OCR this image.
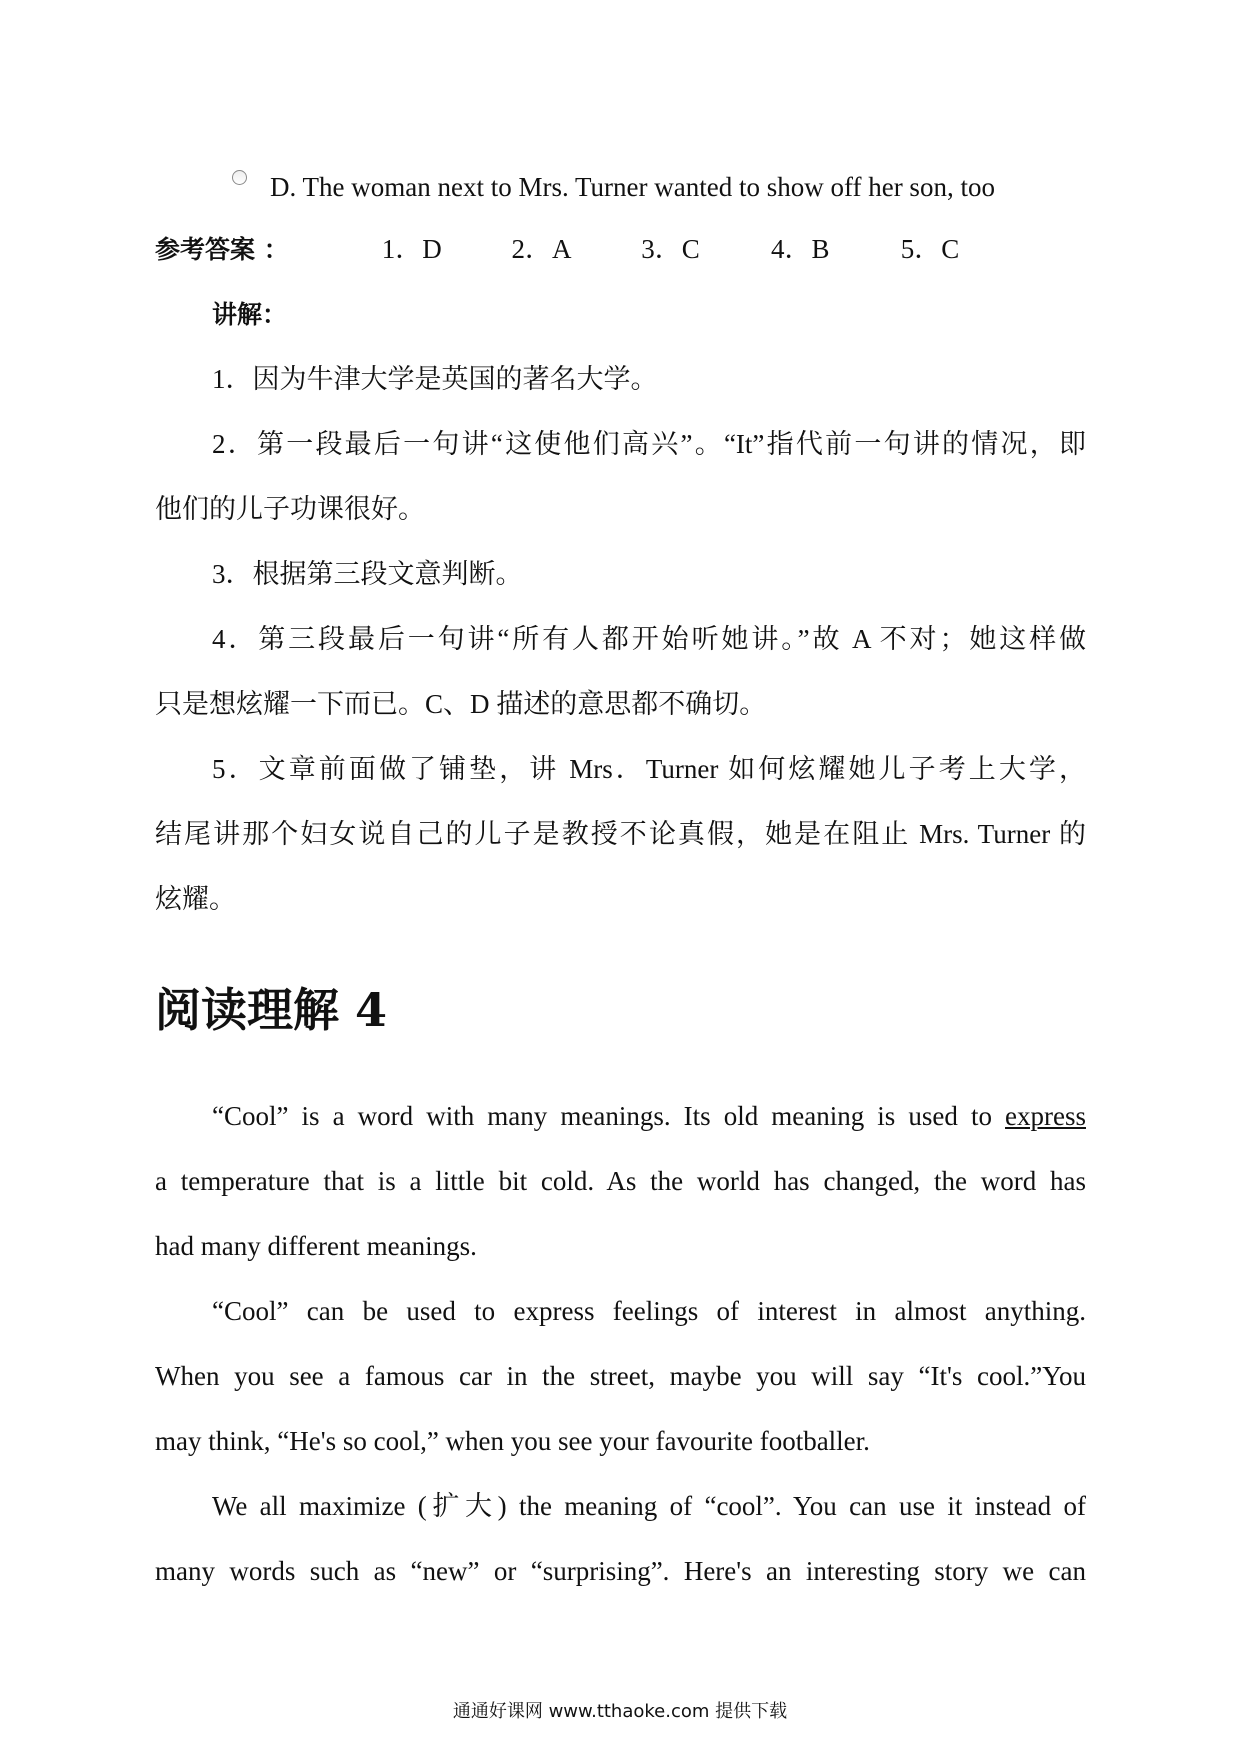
D. The woman next to Mrs. Turner wanted to show off her son, too
参考答案 ：	1．D	2．A	3．C	4．B	5．C
讲解：
1．因为牛津大学是英国的著名大学。
2．第一段最后一句讲“这使他们高兴”。“It”指代前一句讲的情况，即
他们的儿子功课很好。
3．根据第三段文意判断。
4．第三段最后一句讲“所有人都开始听她讲。”故 A 不对；她这样做
只是想炫耀一下而已。C、D 描述的意思都不确切。
5．文章前面做了铺垫，讲 Mrs．Turner 如何炫耀她儿子考上大学，
结尾讲那个妇女说自己的儿子是教授不论真假，她是在阻止 Mrs. Turner 的
炫耀。
阅读理解 4
“Cool” is a word with many meanings. Its old meaning is used to express
a temperature that is a little bit cold. As the world has changed, the word has
had many different meanings.
“Cool” can be used to express feelings of interest in almost anything.
When you see a famous car in the street, maybe you will say “It's cool.”You
may think, “He's so cool,” when you see your favourite footballer.
We all maximize (扩大) the meaning of “cool”. You can use it instead of
many words such as “new” or “surprising”. Here's an interesting story we can
通通好课网 www.tthaoke.com 提供下载
